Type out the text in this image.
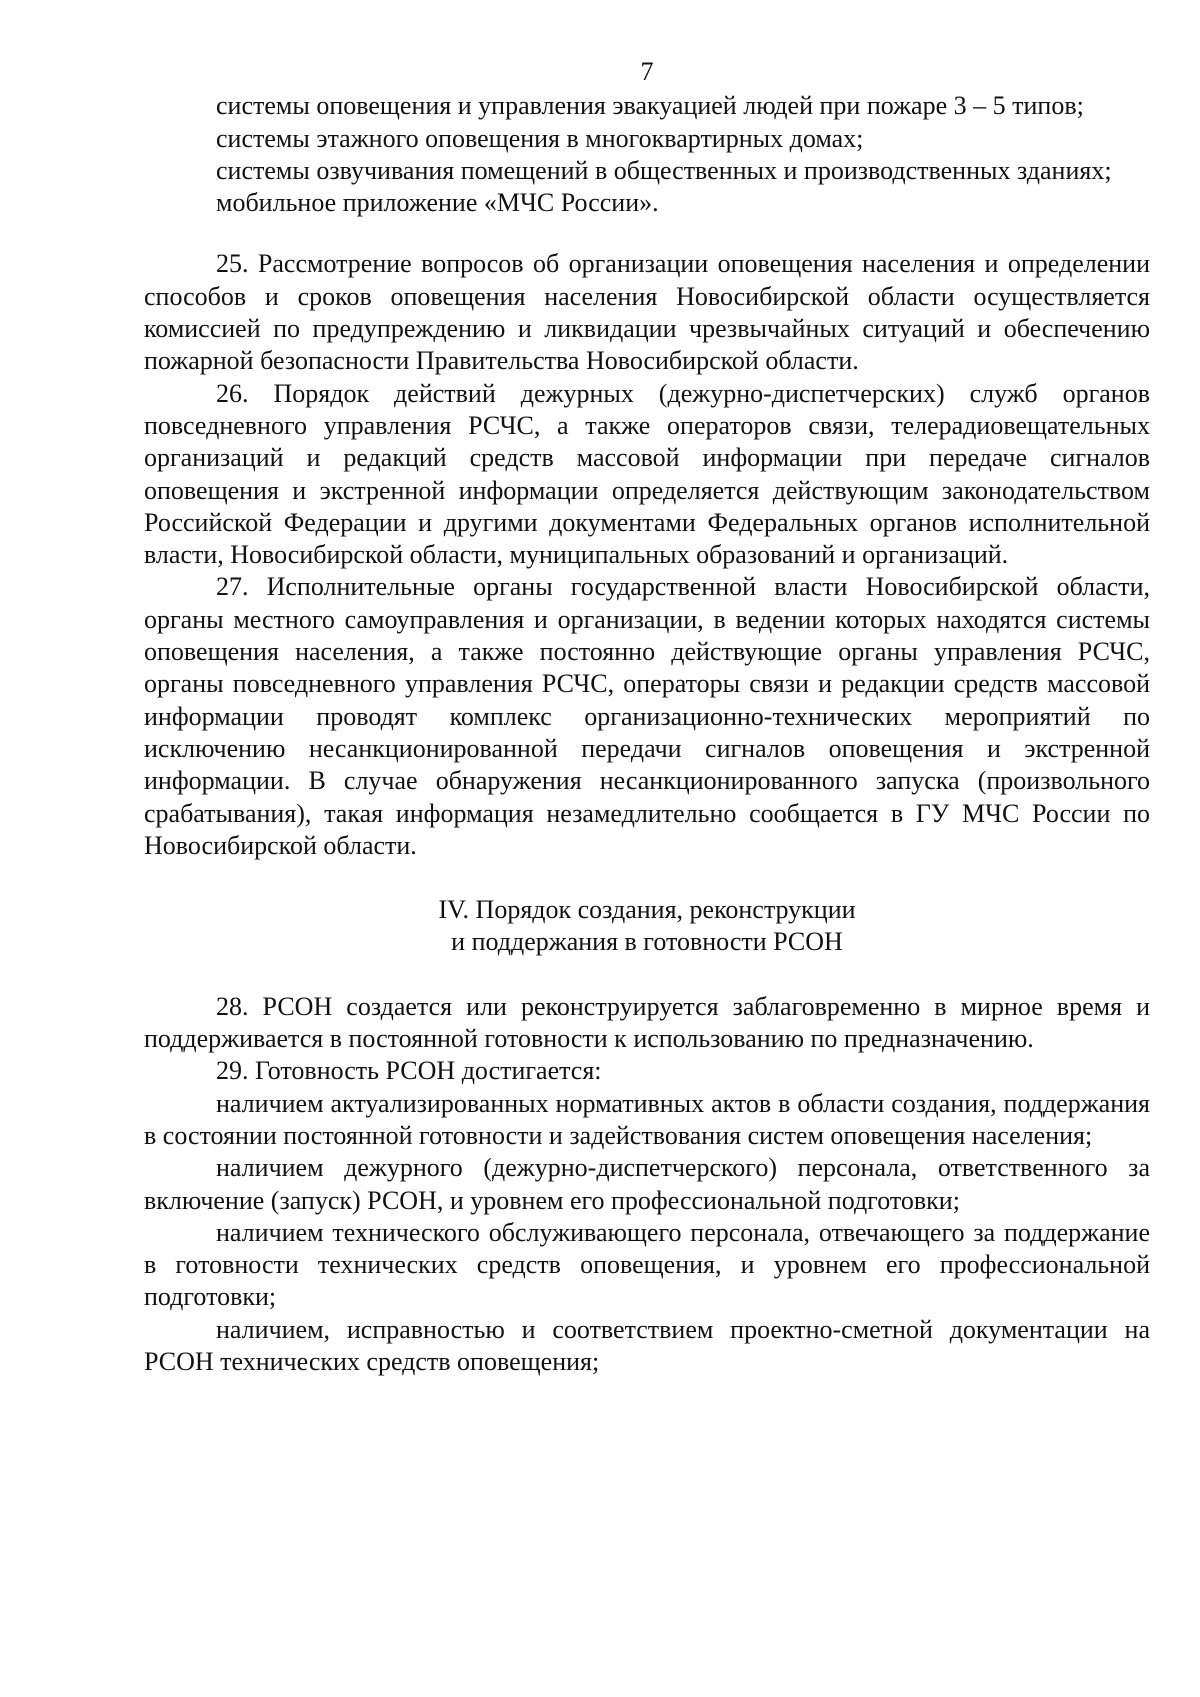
7

системы оповещения и управления эвакуацией людей при пожаре 3 – 5 типов;

системы этажного оповещения в многоквартирных домах;

системы озвучивания помещений в общественных и производственных зданиях;

мобильное приложение «МЧС России».

25. Рассмотрение вопросов об организации оповещения населения и определении способов и сроков оповещения населения Новосибирской области осуществляется комиссией по предупреждению и ликвидации чрезвычайных ситуаций и обеспечению пожарной безопасности Правительства Новосибирской области.

26. Порядок действий дежурных (дежурно-диспетчерских) служб органов повседневного управления РСЧС, а также операторов связи, телерадиовещательных организаций и редакций средств массовой информации при передаче сигналов оповещения и экстренной информации определяется действующим законодательством Российской Федерации и другими документами Федеральных органов исполнительной власти, Новосибирской области, муниципальных образований и организаций.

27. Исполнительные органы государственной власти Новосибирской области, органы местного самоуправления и организации, в ведении которых находятся системы оповещения населения, а также постоянно действующие органы управления РСЧС, органы повседневного управления РСЧС, операторы связи и редакции средств массовой информации проводят комплекс организационно-технических мероприятий по исключению несанкционированной передачи сигналов оповещения и экстренной информации. В случае обнаружения несанкционированного запуска (произвольного срабатывания), такая информация незамедлительно сообщается в ГУ МЧС России по Новосибирской области.

IV. Порядок создания, реконструкции

и поддержания в готовности РСОН

28. РСОН создается или реконструируется заблаговременно в мирное время и поддерживается в постоянной готовности к использованию по предназначению.

29. Готовность РСОН достигается:

наличием актуализированных нормативных актов в области создания, поддержания в состоянии постоянной готовности и задействования систем оповещения населения;

наличием дежурного (дежурно-диспетчерского) персонала, ответственного за включение (запуск) РСОН, и уровнем его профессиональной подготовки;

наличием технического обслуживающего персонала, отвечающего за поддержание в готовности технических средств оповещения, и уровнем его профессиональной подготовки;

наличием, исправностью и соответствием проектно-сметной документации на РСОН технических средств оповещения;
